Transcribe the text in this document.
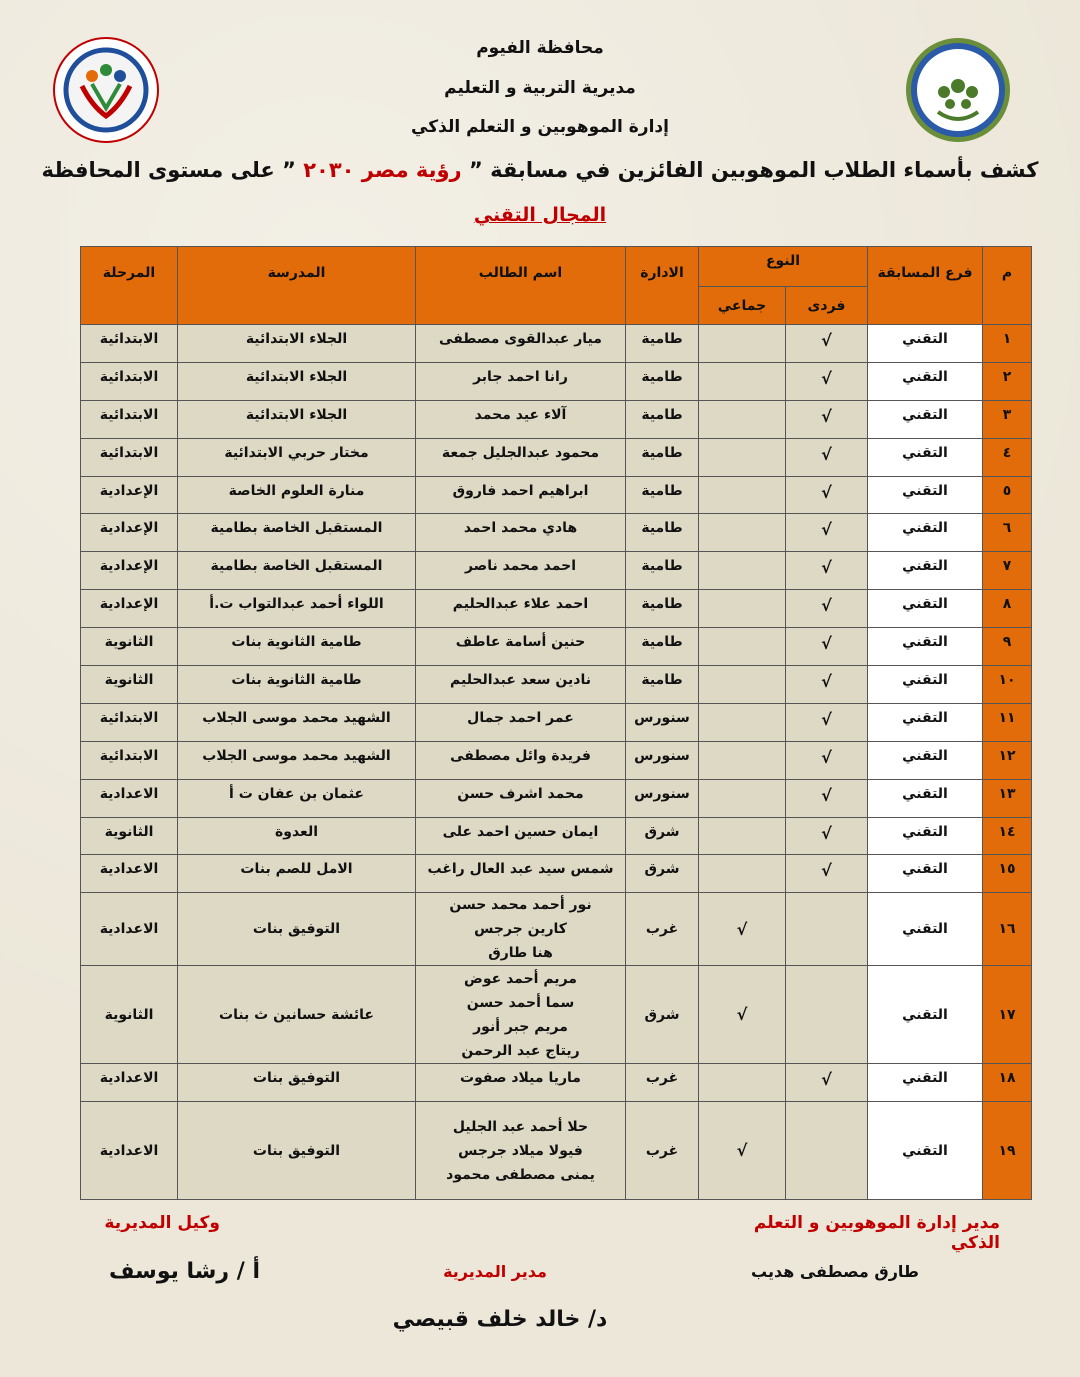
محافظة الفيوم
مديرية التربية و التعليم
إدارة الموهوبين و التعلم الذكي
كشف بأسماء الطلاب الموهوبين الفائزين في مسابقة ” رؤية مصر ٢٠٣٠ ” على مستوى المحافظة
المجال التقني
م	فرع المسابقة	النوع		الادارة	اسم الطالب	المدرسة	المرحلة
		فردى	جماعي				
١	التقني	√		طامية	ميار عبدالقوى مصطفى	الجلاء الابتدائية	الابتدائية
٢	التقني	√		طامية	رانا احمد جابر	الجلاء الابتدائية	الابتدائية
٣	التقني	√		طامية	آلاء عيد محمد	الجلاء الابتدائية	الابتدائية
٤	التقني	√		طامية	محمود عبدالجليل جمعة	مختار حربي الابتدائية	الابتدائية
٥	التقني	√		طامية	ابراهيم احمد فاروق	منارة العلوم الخاصة	الإعدادية
٦	التقني	√		طامية	هادي محمد احمد	المستقبل الخاصة بطامية	الإعدادية
٧	التقني	√		طامية	احمد محمد ناصر	المستقبل الخاصة بطامية	الإعدادية
٨	التقني	√		طامية	احمد علاء عبدالحليم	اللواء أحمد عبدالتواب ت.أ	الإعدادية
٩	التقني	√		طامية	حنين أسامة عاطف	طامية الثانوية بنات	الثانوية
١٠	التقني	√		طامية	نادين سعد عبدالحليم	طامية الثانوية بنات	الثانوية
١١	التقني	√		سنورس	عمر احمد جمال	الشهيد محمد موسى الجلاب	الابتدائية
١٢	التقني	√		سنورس	فريدة وائل مصطفى	الشهيد محمد موسى الجلاب	الابتدائية
١٣	التقني	√		سنورس	محمد اشرف حسن	عثمان بن عفان ت أ	الاعدادية
١٤	التقني	√		شرق	ايمان حسين احمد على	العدوة	الثانوية
١٥	التقني	√		شرق	شمس سيد عبد العال راغب	الامل للصم بنات	الاعدادية
١٦	التقني		√	غرب	نور أحمد محمد حسن
كارين جرجس
هنا طارق	التوفيق بنات	الاعدادية
١٧	التقني		√	شرق	مريم أحمد عوض
سما أحمد حسن
مريم جبر أنور
ريتاج عبد الرحمن	عائشة حسانين ث بنات	الثانوية
١٨	التقني	√		غرب	ماريا ميلاد صفوت	التوفيق بنات	الاعدادية
١٩	التقني		√	غرب	حلا أحمد عبد الجليل
فيولا ميلاد جرجس
يمنى مصطفى محمود	التوفيق بنات	الاعدادية
مدير إدارة الموهوبين و التعلم الذكي
وكيل المديرية
طارق مصطفى هديب
مدير المديرية
أ / رشا يوسف
د/ خالد خلف قبيصي
